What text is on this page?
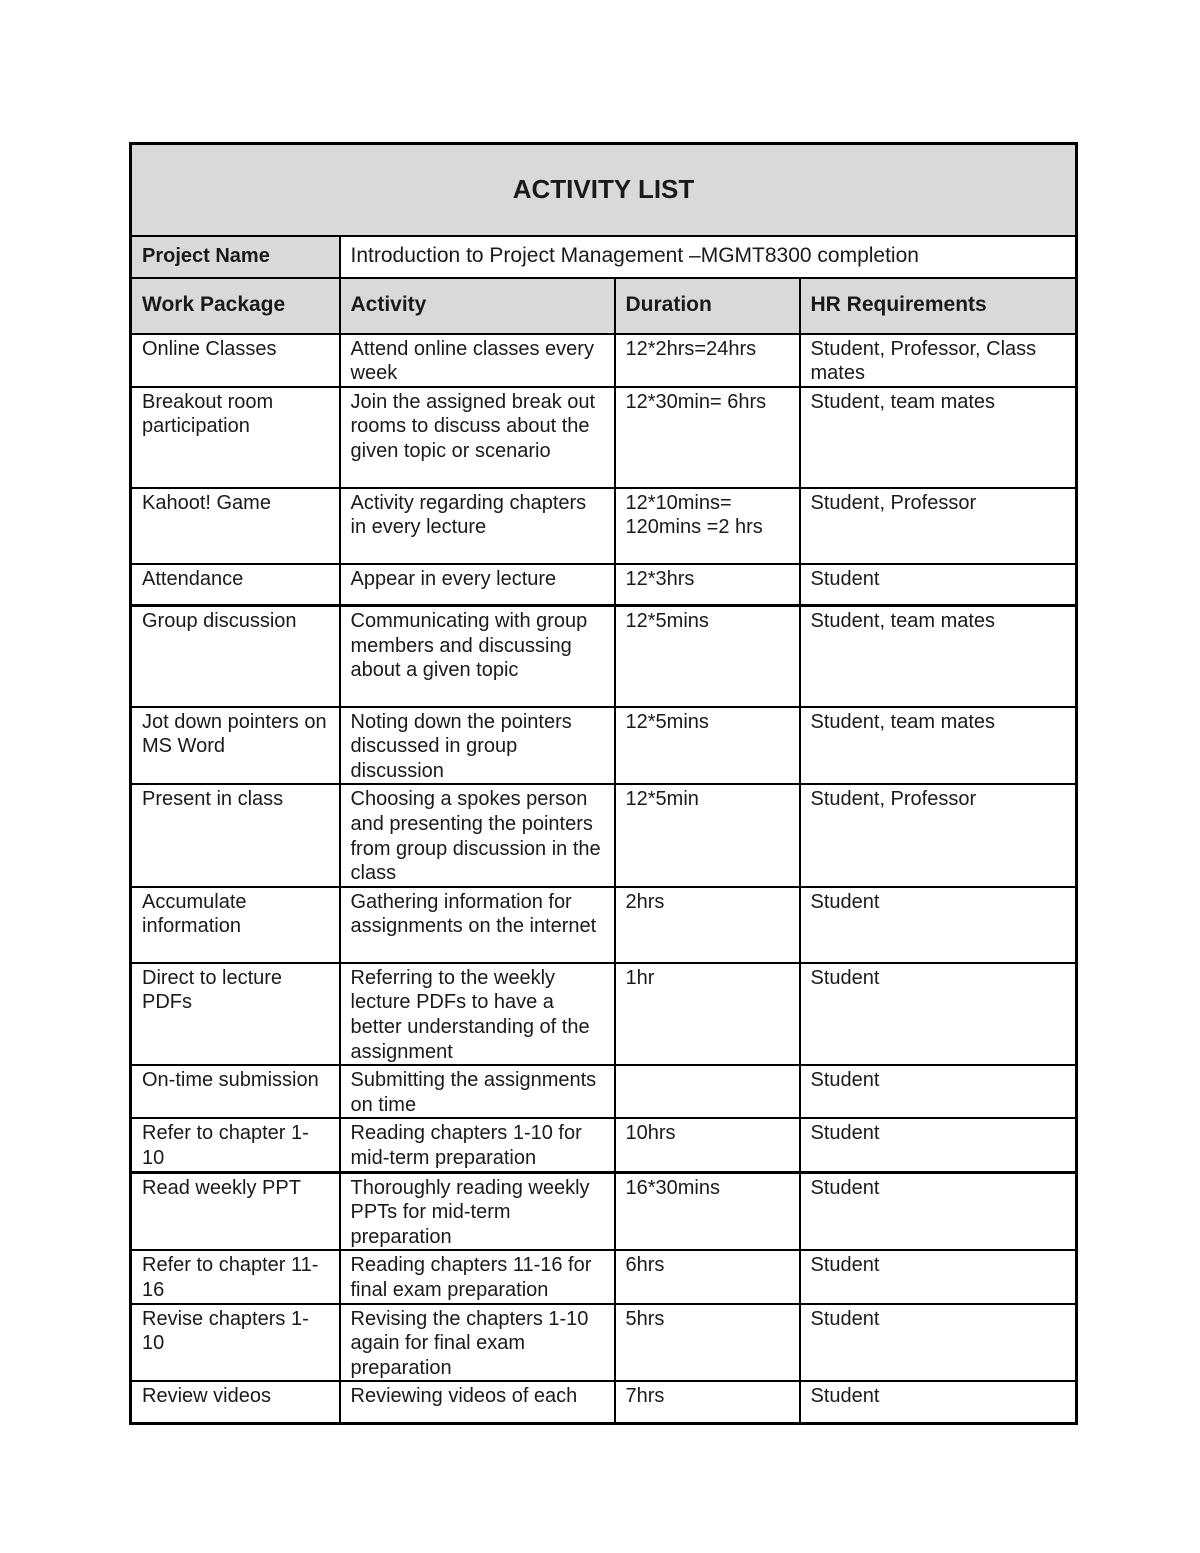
ACTIVITY LIST			
Project Name	Introduction to Project Management –MGMT8300 completion		
Work Package	Activity	Duration	HR Requirements
Online Classes	Attend online classes every week	12*2hrs=24hrs	Student, Professor, Class mates
Breakout room participation	Join the assigned break out rooms to discuss about the given topic or scenario	12*30min= 6hrs	Student, team mates
Kahoot! Game	Activity regarding chapters in every lecture	12*10mins= 120mins =2 hrs	Student, Professor
Attendance	Appear in every lecture	12*3hrs	Student
Group discussion	Communicating with group members and discussing about a given topic	12*5mins	Student, team mates
Jot down pointers on MS Word	Noting down the pointers discussed in group discussion	12*5mins	Student, team mates
Present in class	Choosing a spokes person and presenting the pointers from group discussion in the class	12*5min	Student, Professor
Accumulate information	Gathering information for assignments on the internet	2hrs	Student
Direct to lecture PDFs	Referring to the weekly lecture PDFs to have a better understanding of the assignment	1hr	Student
On-time submission	Submitting the assignments on time		Student
Refer to chapter 1-10	Reading chapters 1-10 for mid-term preparation	10hrs	Student
Read weekly PPT	Thoroughly reading weekly PPTs for mid-term preparation	16*30mins	Student
Refer to chapter 11-16	Reading chapters 11-16 for final exam preparation	6hrs	Student
Revise chapters 1-10	Revising the chapters 1-10 again for final exam preparation	5hrs	Student
Review videos	Reviewing videos of each	7hrs	Student
